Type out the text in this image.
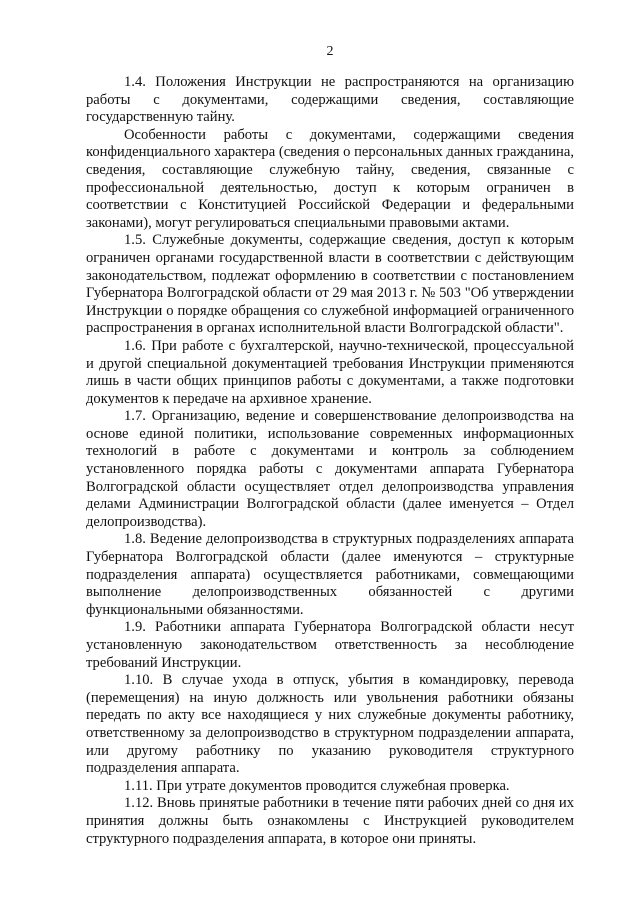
2

1.4. Положения Инструкции не распространяются на организацию работы с документами, содержащими сведения, составляющие государственную тайну.

Особенности работы с документами, содержащими сведения конфиденциального характера (сведения о персональных данных гражданина, сведения, составляющие служебную тайну, сведения, связанные с профессиональной деятельностью, доступ к которым ограничен в соответствии с Конституцией Российской Федерации и федеральными законами), могут регулироваться специальными правовыми актами.

1.5. Служебные документы, содержащие сведения, доступ к которым ограничен органами государственной власти в соответствии с действующим законодательством, подлежат оформлению в соответствии с постановлением Губернатора Волгоградской области от 29 мая 2013 г. № 503 "Об утверждении Инструкции о порядке обращения со служебной информацией ограниченного распространения в органах исполнительной власти Волгоградской области".

1.6. При работе с бухгалтерской, научно-технической, процессуальной и другой специальной документацией требования Инструкции применяются лишь в части общих принципов работы с документами, а также подготовки документов к передаче на архивное хранение.

1.7. Организацию, ведение и совершенствование делопроизводства на основе единой политики, использование современных информационных технологий в работе с документами и контроль за соблюдением установленного порядка работы с документами аппарата Губернатора Волгоградской области осуществляет отдел делопроизводства управления делами Администрации Волгоградской области (далее именуется – Отдел делопроизводства).

1.8. Ведение делопроизводства в структурных подразделениях аппарата Губернатора Волгоградской области (далее именуются – структурные подразделения аппарата) осуществляется работниками, совмещающими выполнение делопроизводственных обязанностей с другими функциональными обязанностями.

1.9. Работники аппарата Губернатора Волгоградской области несут установленную законодательством ответственность за несоблюдение требований Инструкции.

1.10. В случае ухода в отпуск, убытия в командировку, перевода (перемещения) на иную должность или увольнения работники обязаны передать по акту все находящиеся у них служебные документы работнику, ответственному за делопроизводство в структурном подразделении аппарата, или другому работнику по указанию руководителя структурного подразделения аппарата.

1.11. При утрате документов проводится служебная проверка.

1.12. Вновь принятые работники в течение пяти рабочих дней со дня их принятия должны быть ознакомлены с Инструкцией руководителем структурного подразделения аппарата, в которое они приняты.
